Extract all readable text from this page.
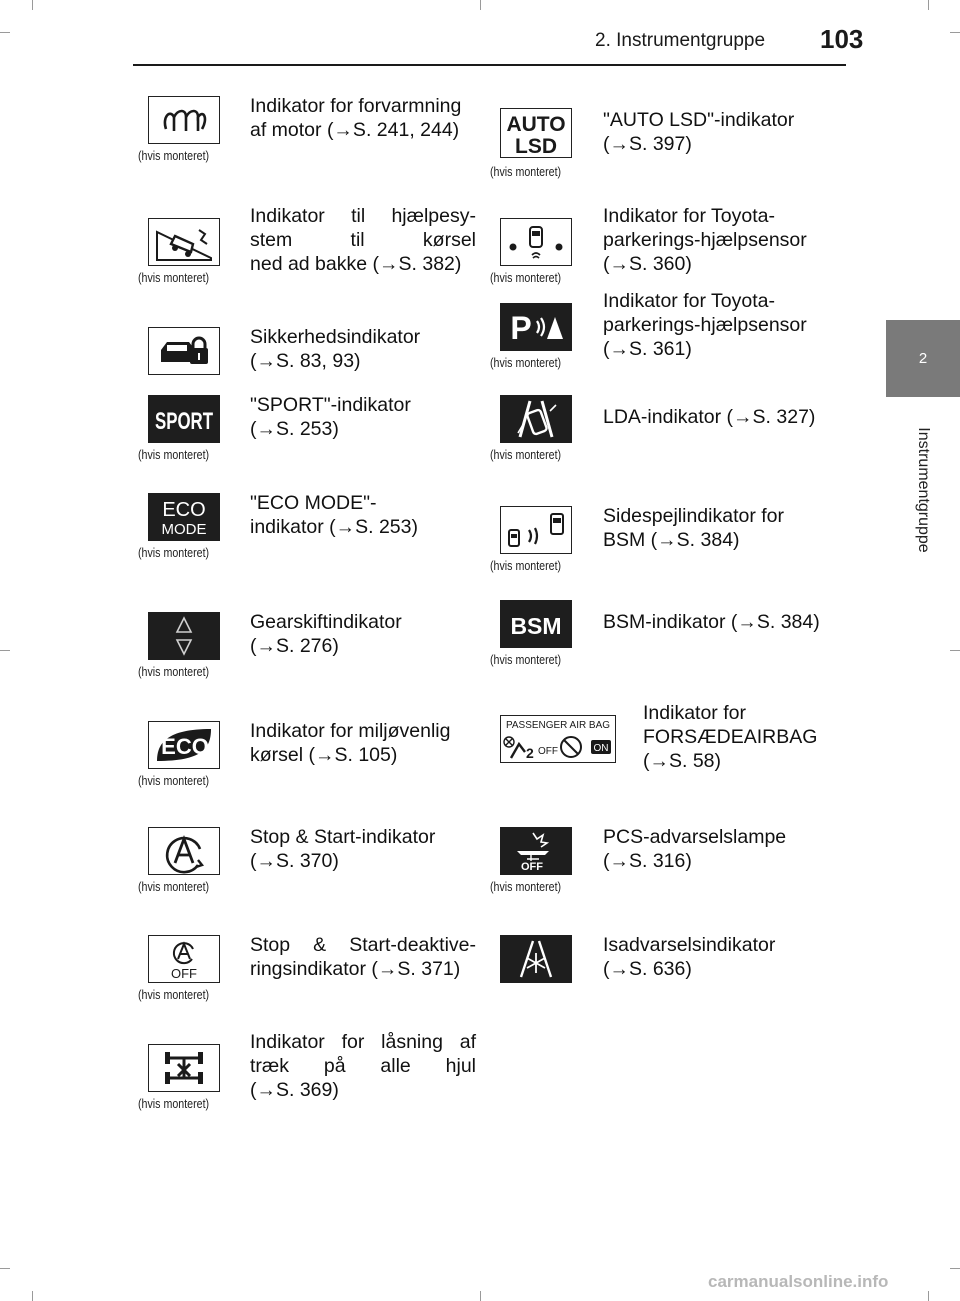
2. Instrumentgruppe 103
2
Instrumentgruppe
(hvis monteret)
Indikator for forvarmning
af motor (→S. 241, 244)
(hvis monteret)
Indikator til hjælpesy-
stem til kørsel
ned ad bakke (→S. 382)
Sikkerhedsindikator
(→S. 83, 93)
SPORT
(hvis monteret)
"SPORT"-indikator
(→S. 253)
ECO
MODE
(hvis monteret)
"ECO MODE"-
indikator (→S. 253)
(hvis monteret)
Gearskiftindikator
(→S. 276)
ECO
(hvis monteret)
Indikator for miljøvenlig
kørsel (→S. 105)
(hvis monteret)
Stop & Start-indikator
(→S. 370)
OFF
(hvis monteret)
Stop & Start-deaktive-
ringsindikator (→S. 371)
(hvis monteret)
Indikator for låsning af
træk på alle hjul
(→S. 369)
AUTO
LSD
(hvis monteret)
"AUTO LSD"-indikator
(→S. 397)
(hvis monteret)
Indikator for Toyota-
parkerings-hjælpsensor
(→S. 360)
P
(hvis monteret)
Indikator for Toyota-
parkerings-hjælpsensor
(→S. 361)
(hvis monteret)
LDA-indikator (→S. 327)
(hvis monteret)
Sidespejlindikator for
BSM (→S. 384)
BSM
(hvis monteret)
BSM-indikator (→S. 384)
PASSENGER AIR BAG
2 OFF	ON
Indikator for
FORSÆDEAIRBAG
(→S. 58)
OFF
(hvis monteret)
PCS-advarselslampe
(→S. 316)
Isadvarselsindikator
(→S. 636)
carmanualsonline.info
